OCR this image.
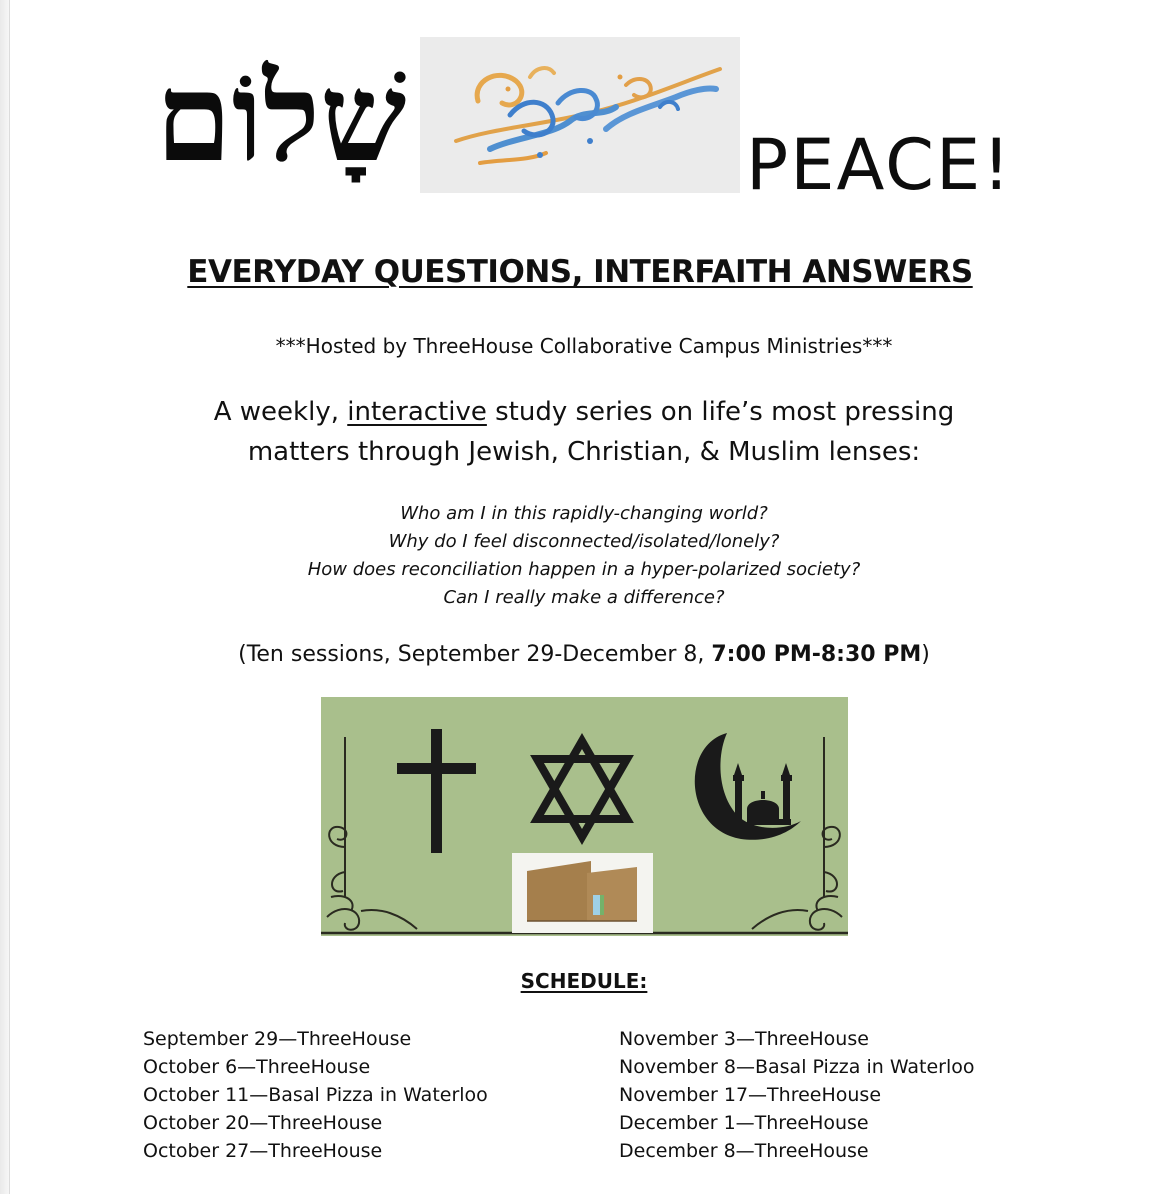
שָׁלוֹם	PEACE!
EVERYDAY QUESTIONS, INTERFAITH ANSWERS
***Hosted by ThreeHouse Collaborative Campus Ministries***
A weekly, interactive study series on life’s most pressing
matters through Jewish, Christian, & Muslim lenses:
Who am I in this rapidly-changing world?
Why do I feel disconnected/isolated/lonely?
How does reconciliation happen in a hyper-polarized society?
Can I really make a difference?
(Ten sessions, September 29-December 8, 7:00 PM-8:30 PM)
SCHEDULE:
September 29—ThreeHouse
October 6—ThreeHouse
October 11—Basal Pizza in Waterloo
October 20—ThreeHouse
October 27—ThreeHouse
November 3—ThreeHouse
November 8—Basal Pizza in Waterloo
November 17—ThreeHouse
December 1—ThreeHouse
December 8—ThreeHouse
